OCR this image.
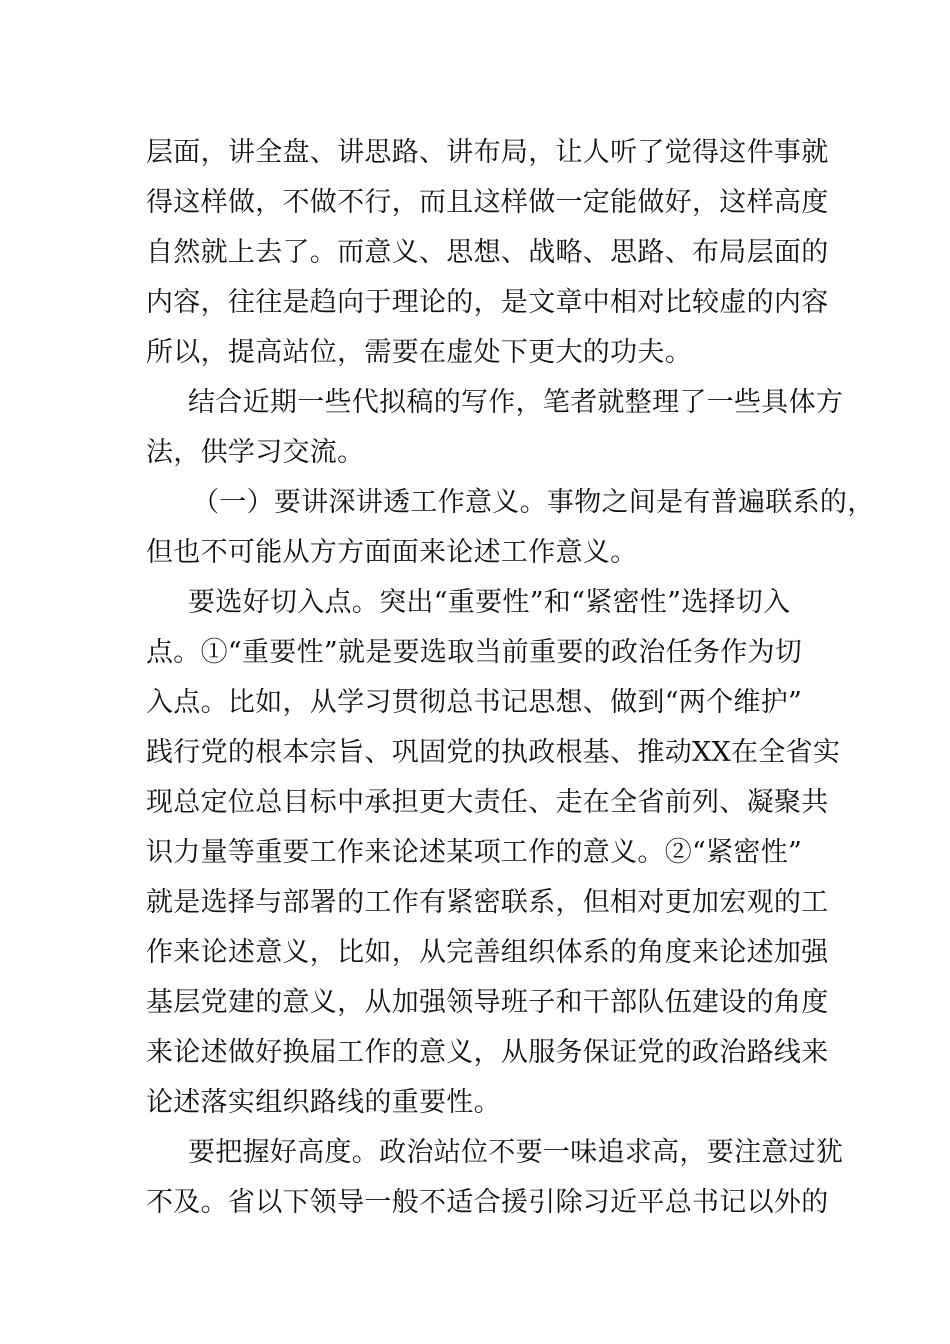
层面，讲全盘、讲思路、讲布局，让人听了觉得这件事就
得这样做，不做不行，而且这样做一定能做好，这样高度
自然就上去了。而意义、思想、战略、思路、布局层面的
内容，往往是趋向于理论的，是文章中相对比较虚的内容
所以，提高站位，需要在虚处下更大的功夫。
结合近期一些代拟稿的写作，笔者就整理了一些具体方
法，供学习交流。
（一）要讲深讲透工作意义。事物之间是有普遍联系的，
但也不可能从方方面面来论述工作意义。
要选好切入点。突出“重要性”和“紧密性”选择切入
点。①“重要性”就是要选取当前重要的政治任务作为切
入点。比如，从学习贯彻总书记思想、做到“两个维护”
践行党的根本宗旨、巩固党的执政根基、推动XX在全省实
现总定位总目标中承担更大责任、走在全省前列、凝聚共
识力量等重要工作来论述某项工作的意义。②“紧密性”
就是选择与部署的工作有紧密联系，但相对更加宏观的工
作来论述意义，比如，从完善组织体系的角度来论述加强
基层党建的意义，从加强领导班子和干部队伍建设的角度
来论述做好换届工作的意义，从服务保证党的政治路线来
论述落实组织路线的重要性。
要把握好高度。政治站位不要一味追求高，要注意过犹
不及。省以下领导一般不适合援引除习近平总书记以外的
